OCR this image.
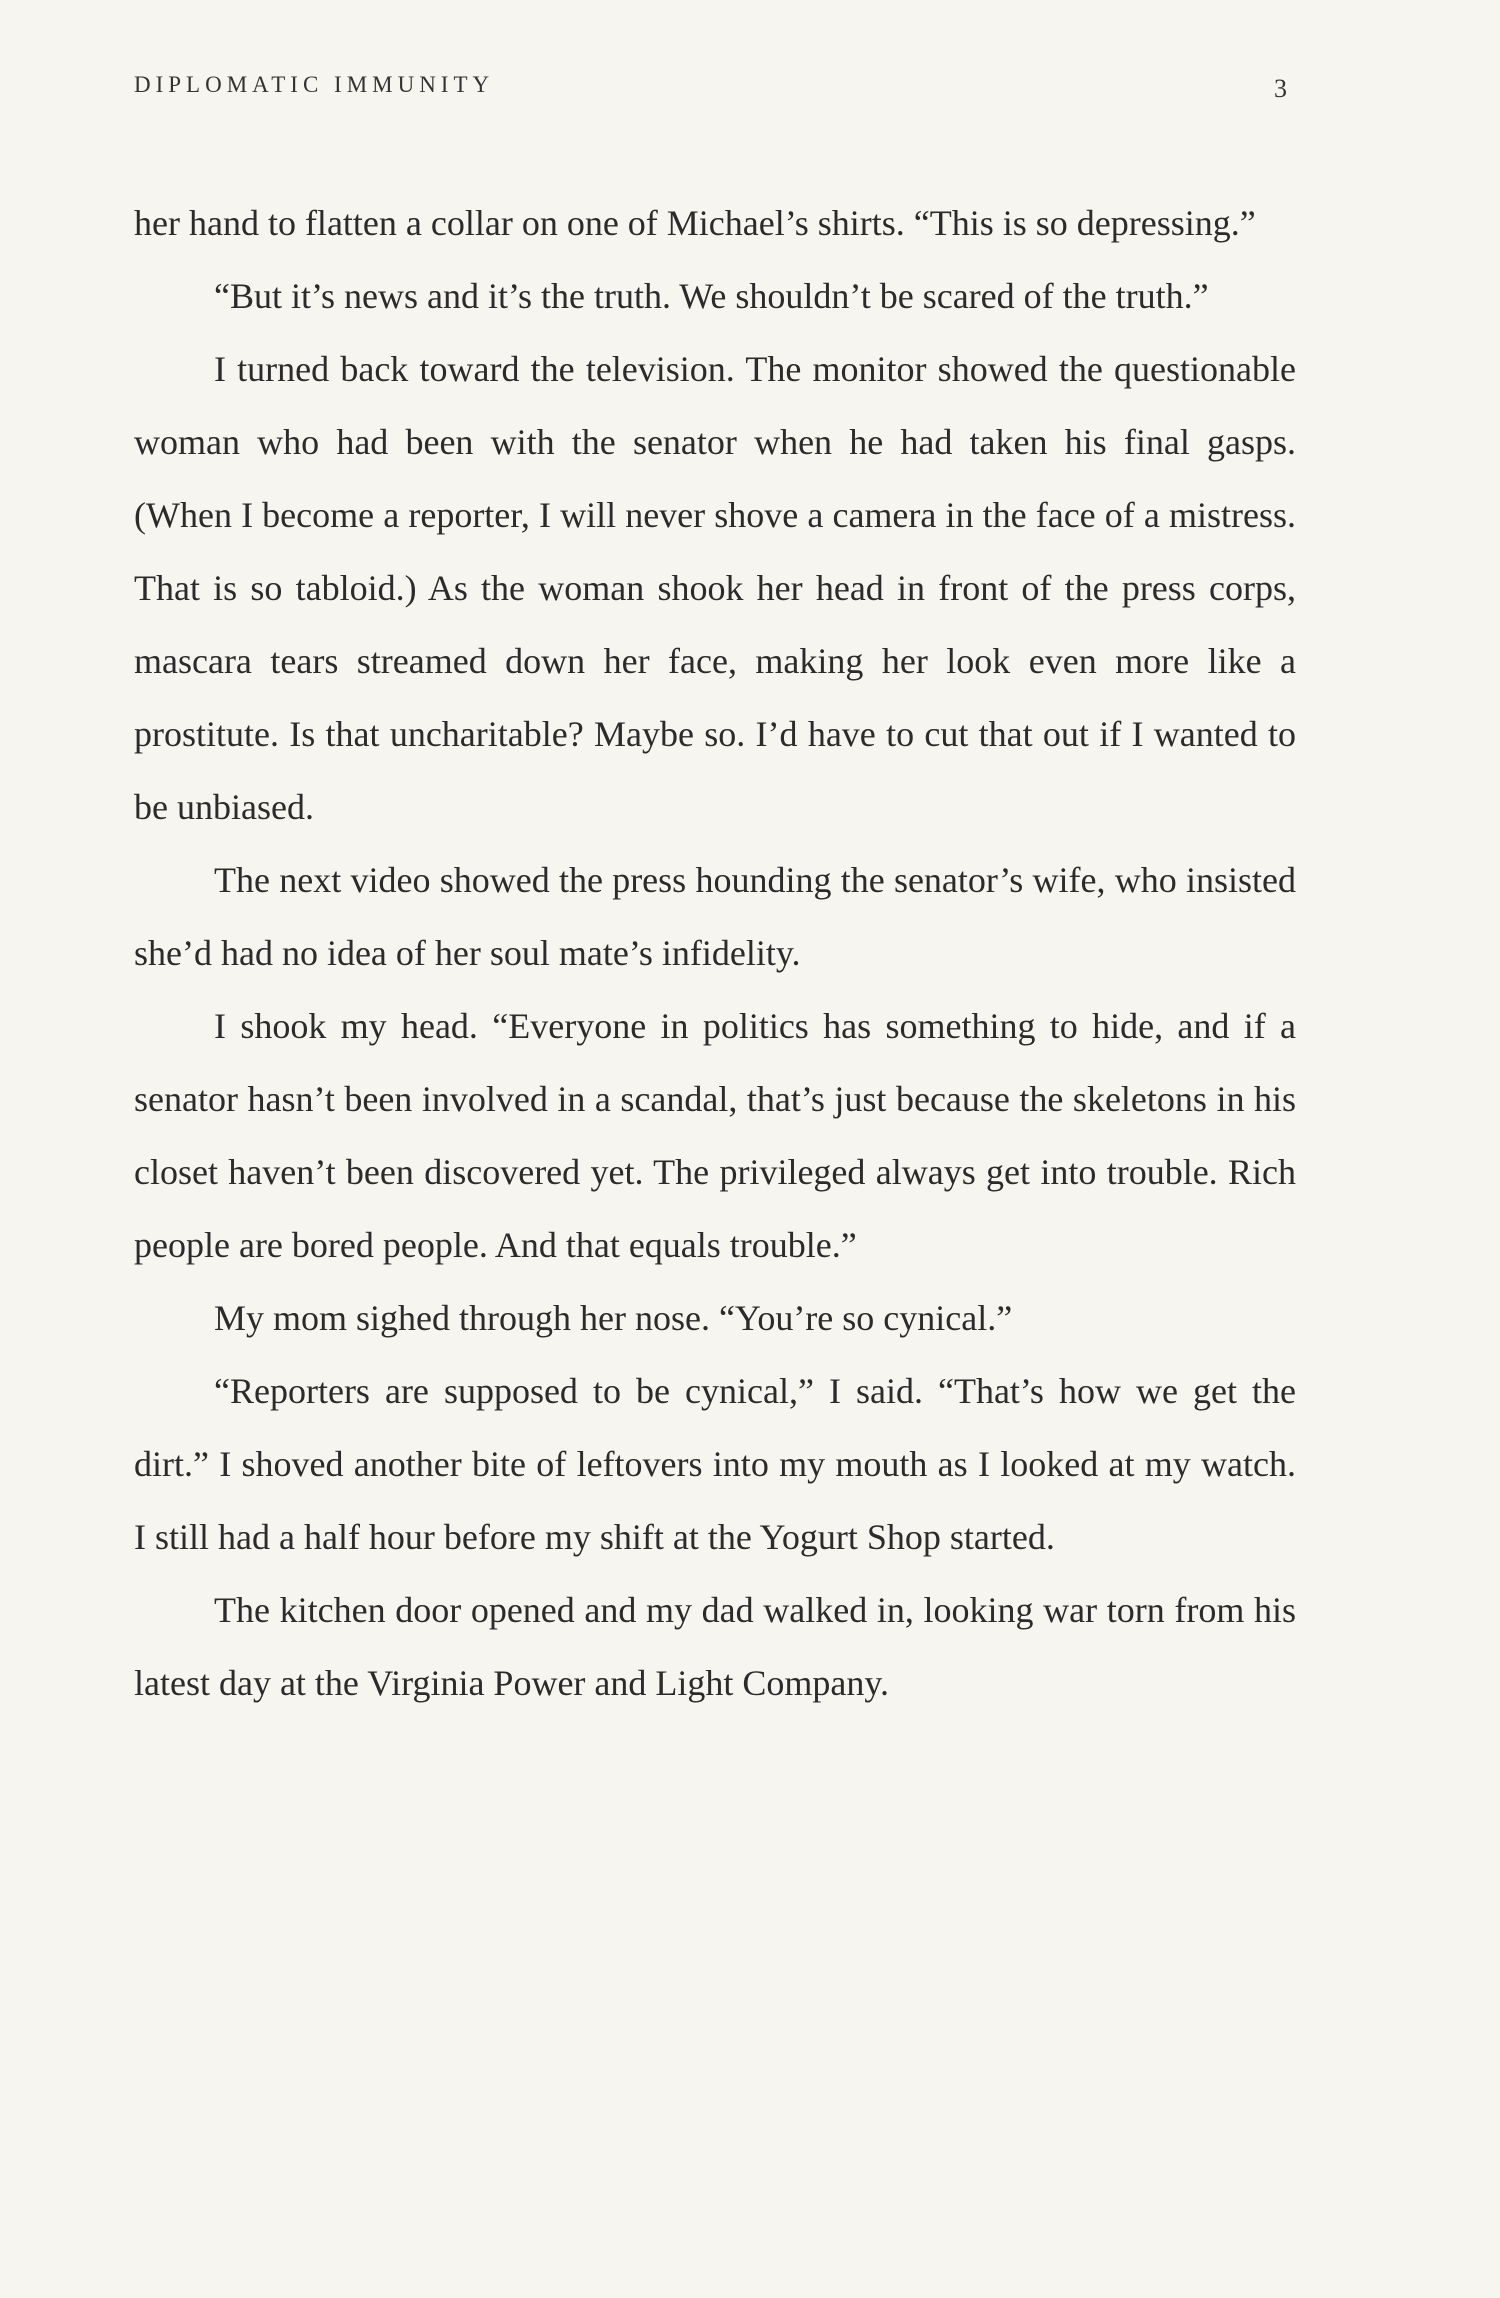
DIPLOMATIC IMMUNITY	3

her hand to flatten a collar on one of Michael’s shirts. “This is so depressing.”

“But it’s news and it’s the truth. We shouldn’t be scared of the truth.”

I turned back toward the television. The monitor showed the questionable woman who had been with the senator when he had taken his final gasps. (When I become a reporter, I will never shove a camera in the face of a mistress. That is so tabloid.) As the woman shook her head in front of the press corps, mascara tears streamed down her face, making her look even more like a prostitute. Is that uncharitable? Maybe so. I’d have to cut that out if I wanted to be unbiased.

The next video showed the press hounding the senator’s wife, who insisted she’d had no idea of her soul mate’s infidelity.

I shook my head. “Everyone in politics has something to hide, and if a senator hasn’t been involved in a scandal, that’s just because the skeletons in his closet haven’t been discovered yet. The privileged always get into trouble. Rich people are bored people. And that equals trouble.”

My mom sighed through her nose. “You’re so cynical.”

“Reporters are supposed to be cynical,” I said. “That’s how we get the dirt.” I shoved another bite of leftovers into my mouth as I looked at my watch. I still had a half hour before my shift at the Yogurt Shop started.

The kitchen door opened and my dad walked in, looking war torn from his latest day at the Virginia Power and Light Company.
